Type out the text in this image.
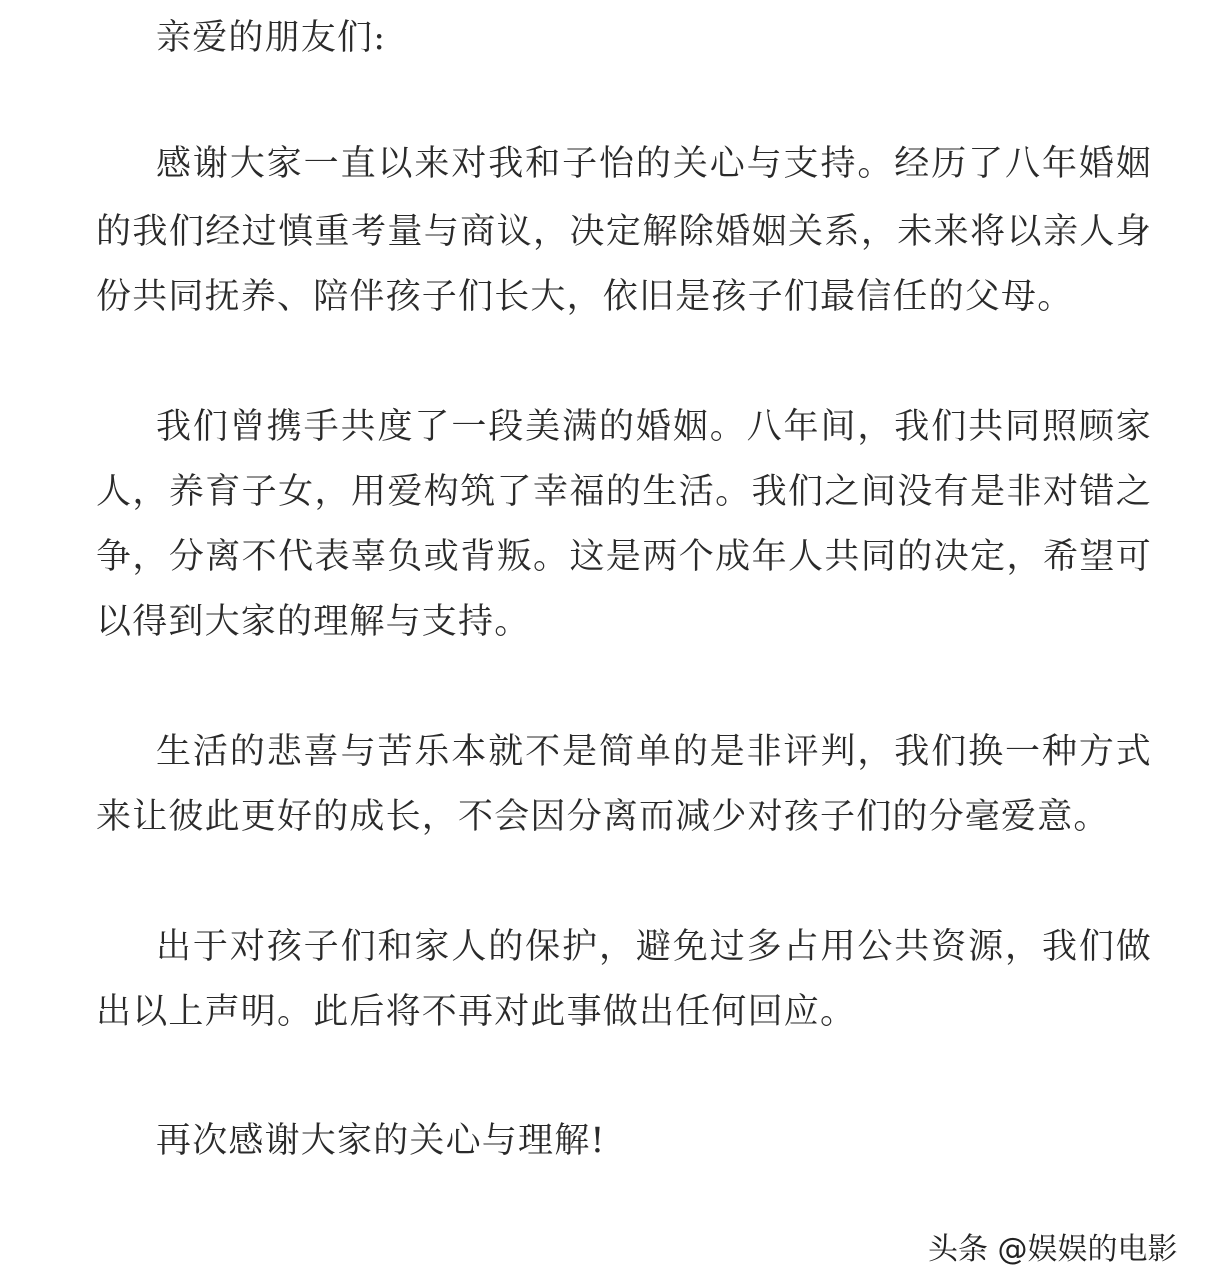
亲爱的朋友们:
感谢大家一直以来对我和子怡的关心与支持。经历了八年婚姻
的我们经过慎重考量与商议，决定解除婚姻关系，未来将以亲人身
份共同抚养、陪伴孩子们长大，依旧是孩子们最信任的父母。
我们曾携手共度了一段美满的婚姻。八年间，我们共同照顾家
人，养育子女，用爱构筑了幸福的生活。我们之间没有是非对错之
争，分离不代表辜负或背叛。这是两个成年人共同的决定，希望可
以得到大家的理解与支持。
生活的悲喜与苦乐本就不是简单的是非评判，我们换一种方式
来让彼此更好的成长，不会因分离而减少对孩子们的分毫爱意。
出于对孩子们和家人的保护，避免过多占用公共资源，我们做
出以上声明。此后将不再对此事做出任何回应。
再次感谢大家的关心与理解!
头条 @娱娱的电影
